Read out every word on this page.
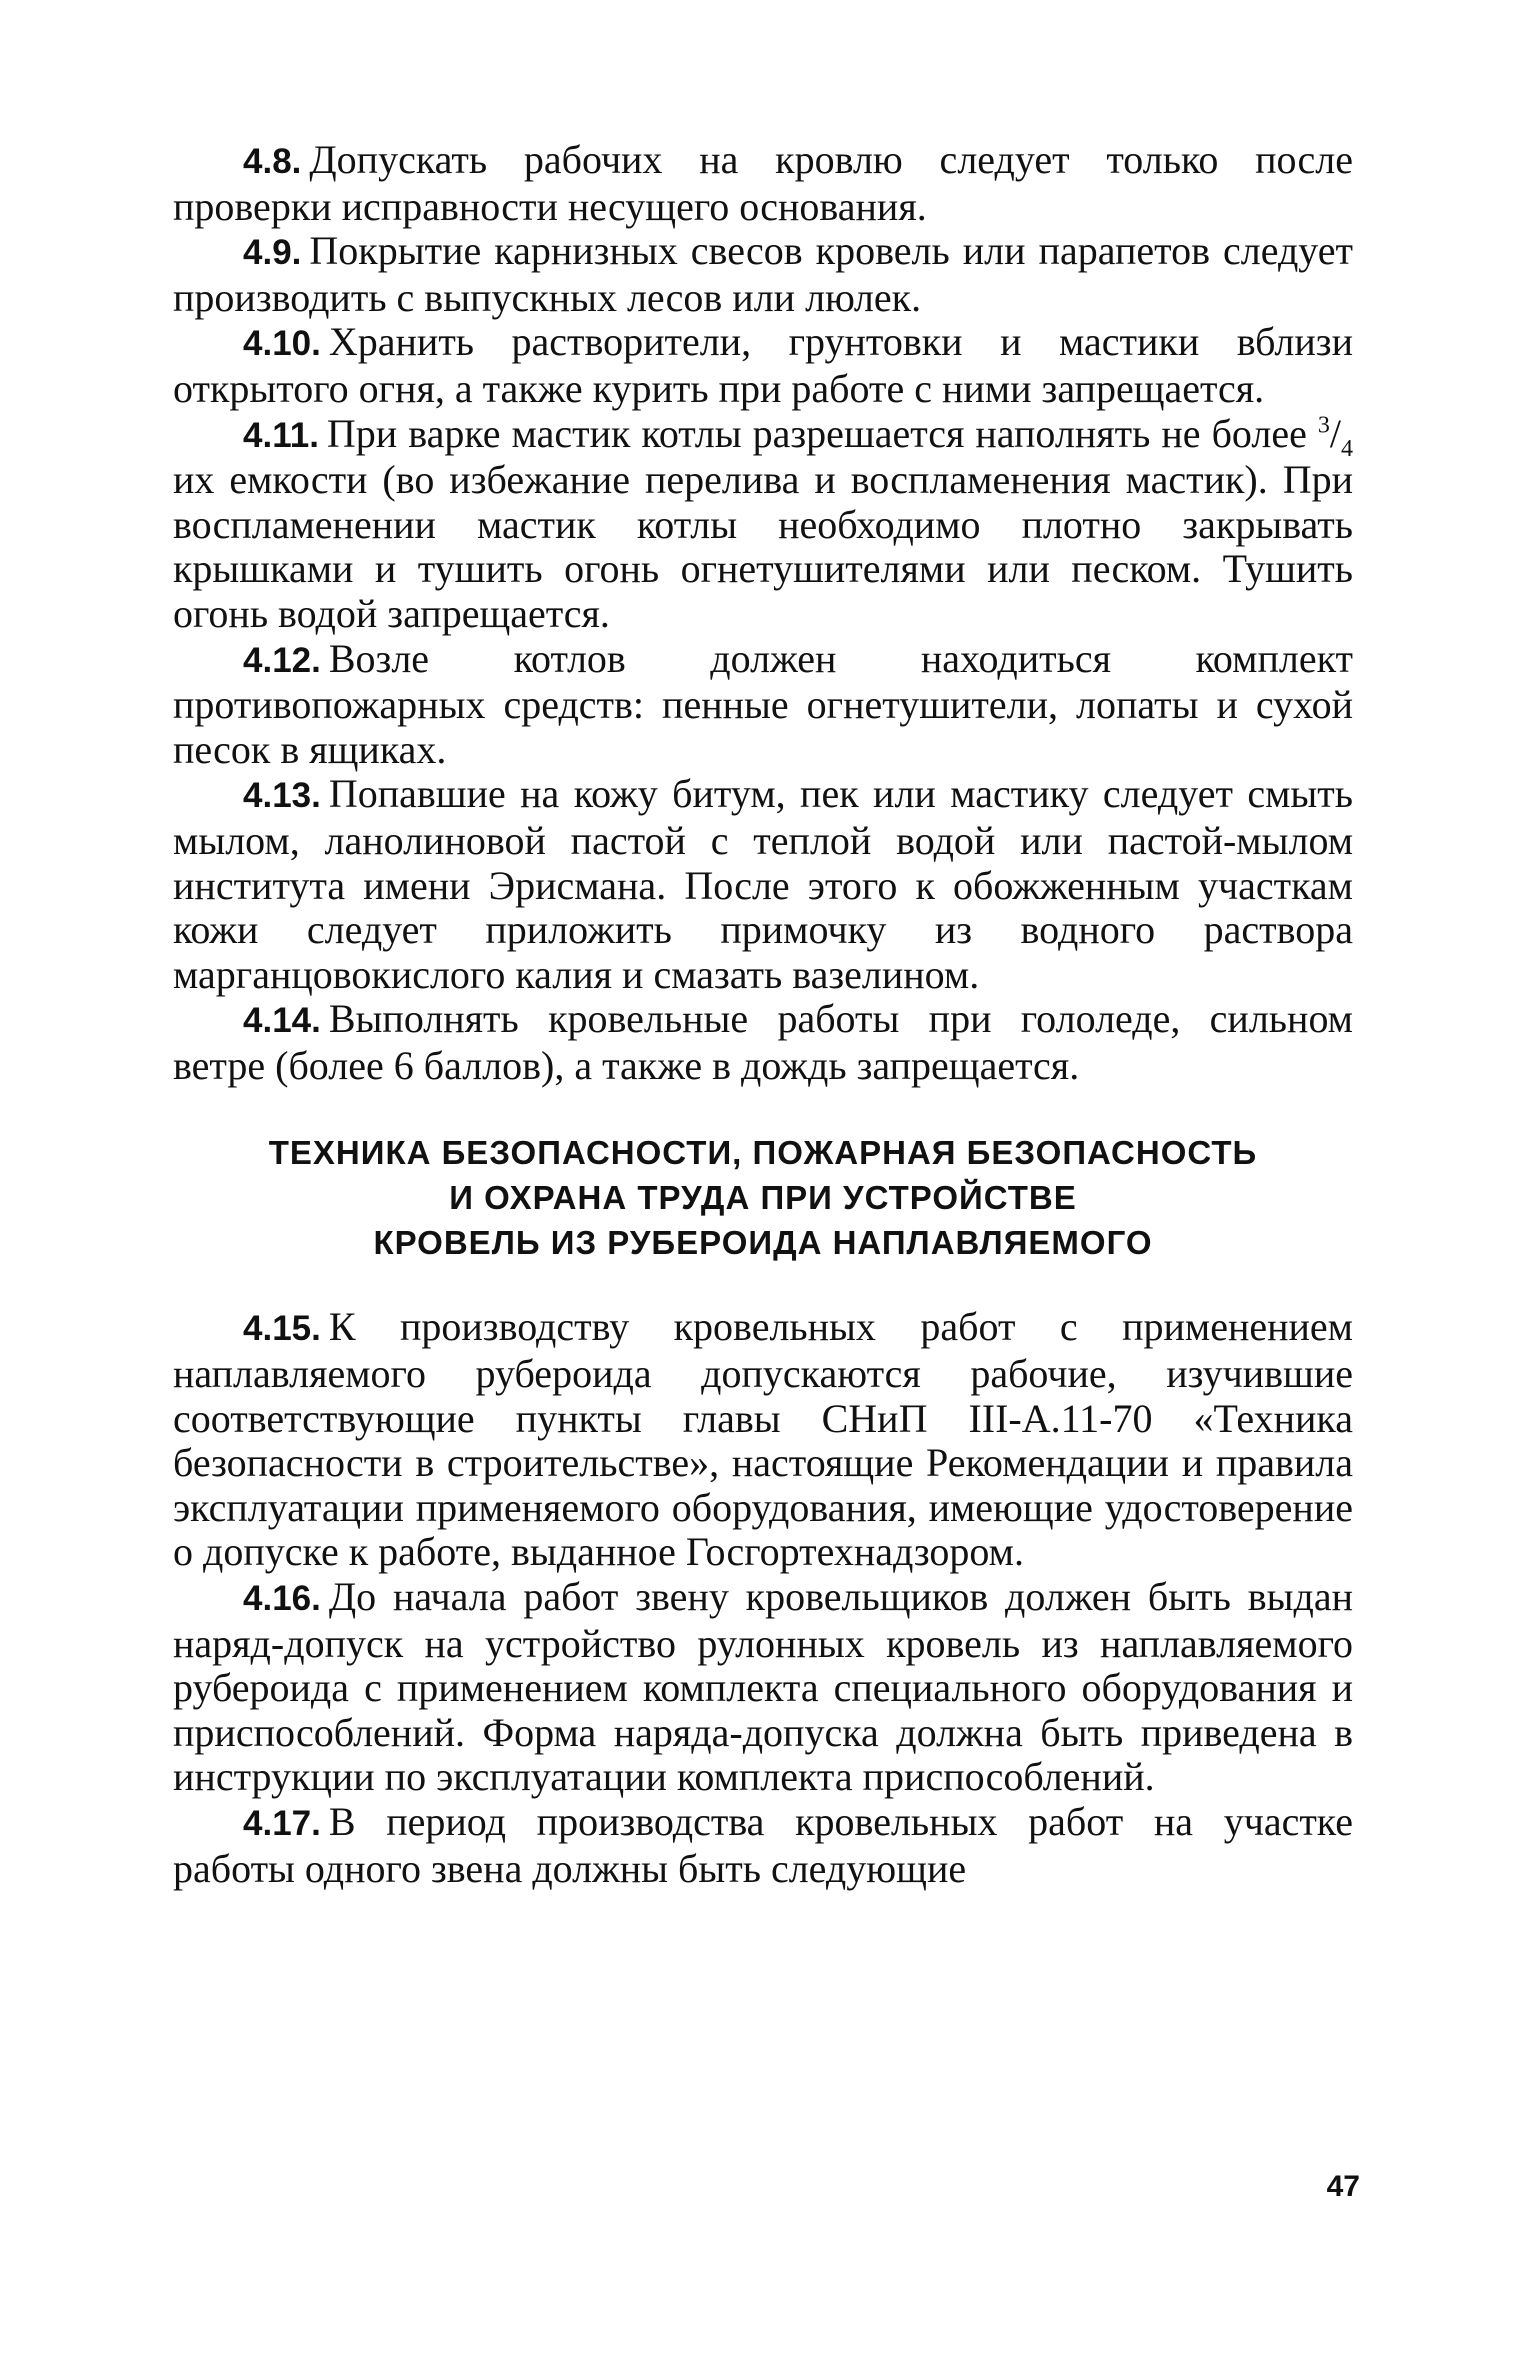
4.8. Допускать рабочих на кровлю следует только после проверки исправности несущего основания.

4.9. Покрытие карнизных свесов кровель или парапетов следует производить с выпускных лесов или люлек.

4.10. Хранить растворители, грунтовки и мастики вблизи открытого огня, а также курить при работе с ними запрещается.

4.11. При варке мастик котлы разрешается наполнять не более $^3/_4$ их емкости (во избежание перелива и воспламенения мастик). При воспламенении мастик котлы необходимо плотно закрывать крышками и тушить огонь огнетушителями или песком. Тушить огонь водой запрещается.

4.12. Возле котлов должен находиться комплект противопожарных средств: пенные огнетушители, лопаты и сухой песок в ящиках.

4.13. Попавшие на кожу битум, пек или мастику следует смыть мылом, ланолиновой пастой с теплой водой или пастой-мылом института имени Эрисмана. После этого к обожженным участкам кожи следует приложить примочку из водного раствора марганцовокислого калия и смазать вазелином.

4.14. Выполнять кровельные работы при гололеде, сильном ветре (более 6 баллов), а также в дождь запрещается.

ТЕХНИКА БЕЗОПАСНОСТИ, ПОЖАРНАЯ БЕЗОПАСНОСТЬ
И ОХРАНА ТРУДА ПРИ УСТРОЙСТВЕ
КРОВЕЛЬ ИЗ РУБЕРОИДА НАПЛАВЛЯЕМОГО

4.15. К производству кровельных работ с применением наплавляемого рубероида допускаются рабочие, изучившие соответствующие пункты главы СНиП III-А.11-70 «Техника безопасности в строительстве», настоящие Рекомендации и правила эксплуатации применяемого оборудования, имеющие удостоверение о допуске к работе, выданное Госгортехнадзором.

4.16. До начала работ звену кровельщиков должен быть выдан наряд-допуск на устройство рулонных кровель из наплавляемого рубероида с применением комплекта специального оборудования и приспособлений. Форма наряда-допуска должна быть приведена в инструкции по эксплуатации комплекта приспособлений.

4.17. В период производства кровельных работ на участке работы одного звена должны быть следующие

47
